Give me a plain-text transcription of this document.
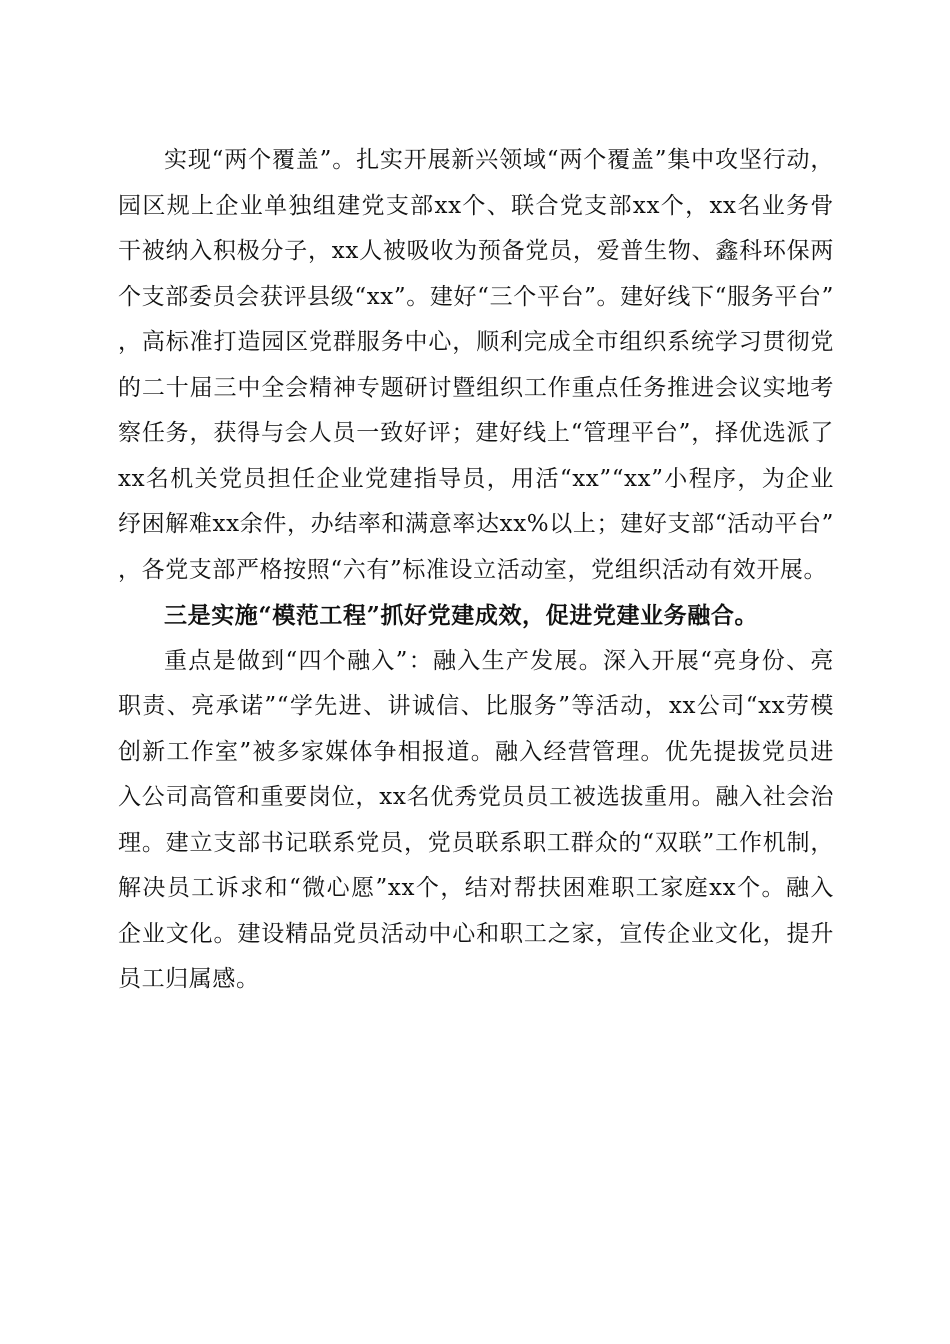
实现“两个覆盖”。扎实开展新兴领域“两个覆盖”集中攻坚行动，园区规上企业单独组建党支部xx个、联合党支部xx个，xx名业务骨干被纳入积极分子，xx人被吸收为预备党员，爱普生物、鑫科环保两个支部委员会获评县级“xx”。建好“三个平台”。建好线下“服务平台”，高标准打造园区党群服务中心，顺利完成全市组织系统学习贯彻党的二十届三中全会精神专题研讨暨组织工作重点任务推进会议实地考察任务，获得与会人员一致好评；建好线上“管理平台”，择优选派了xx名机关党员担任企业党建指导员，用活“xx”“xx”小程序，为企业纾困解难xx余件，办结率和满意率达xx%以上；建好支部“活动平台”，各党支部严格按照“六有”标准设立活动室，党组织活动有效开展。

三是实施“模范工程”抓好党建成效，促进党建业务融合。

重点是做到“四个融入”：融入生产发展。深入开展“亮身份、亮职责、亮承诺”“学先进、讲诚信、比服务”等活动，xx公司“xx劳模创新工作室”被多家媒体争相报道。融入经营管理。优先提拔党员进入公司高管和重要岗位，xx名优秀党员员工被选拔重用。融入社会治理。建立支部书记联系党员，党员联系职工群众的“双联”工作机制，解决员工诉求和“微心愿”xx个，结对帮扶困难职工家庭xx个。融入企业文化。建设精品党员活动中心和职工之家，宣传企业文化，提升员工归属感。
